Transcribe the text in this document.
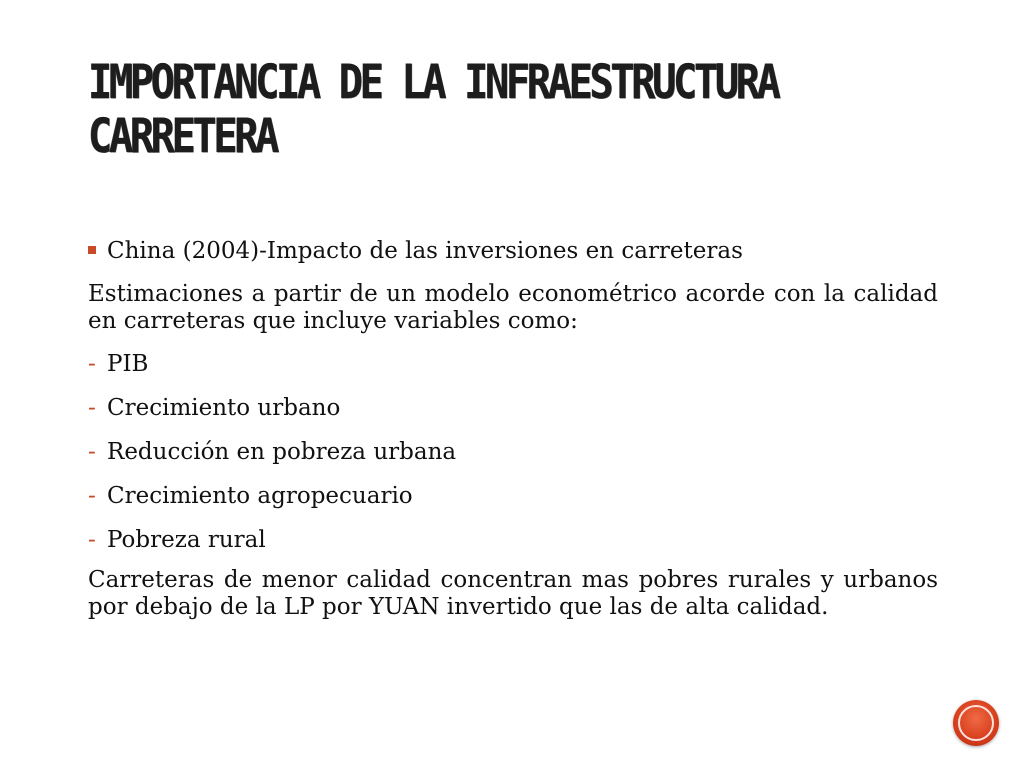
IMPORTANCIA DE LA INFRAESTRUCTURA CARRETERA
China (2004)-Impacto de las inversiones en carreteras

Estimaciones a partir de un modelo econométrico acorde con la calidad en carreteras que incluye variables como:

- PIB
- Crecimiento urbano
- Reducción en pobreza urbana
- Crecimiento agropecuario
- Pobreza rural

Carreteras de menor calidad concentran mas pobres rurales y urbanos por debajo de la LP por YUAN invertido que las de alta calidad.
